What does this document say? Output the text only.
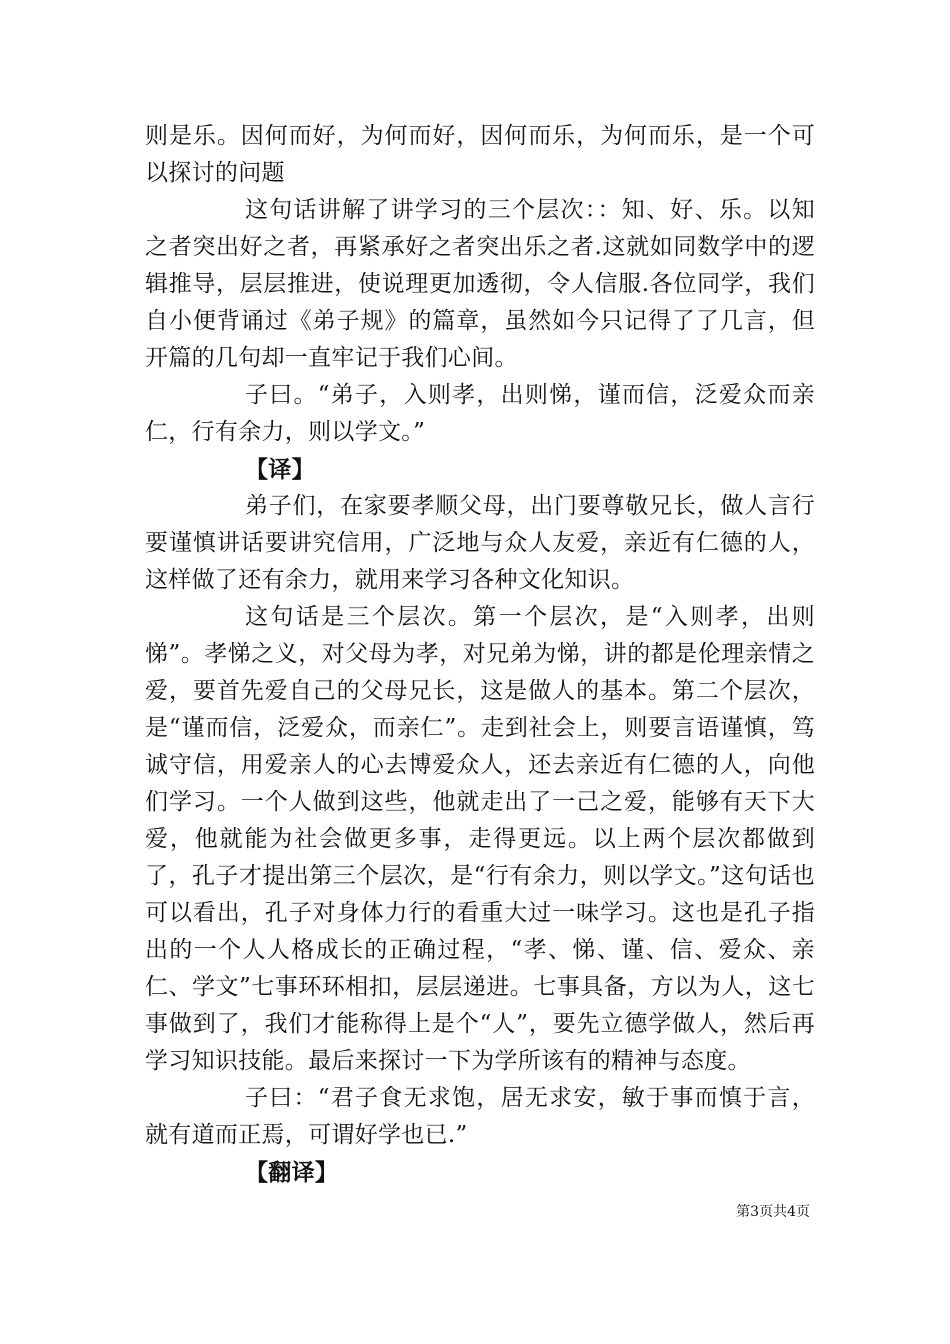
则是乐。因何而好，为何而好，因何而乐，为何而乐，是一个可以探讨的问题

这句话讲解了讲学习的三个层次：：知、好、乐。以知之者突出好之者，再紧承好之者突出乐之者.这就如同数学中的逻辑推导，层层推进，使说理更加透彻，令人信服.各位同学，我们自小便背诵过《弟子规》的篇章，虽然如今只记得了了几言，但开篇的几句却一直牢记于我们心间。

子曰。“弟子，入则孝，出则悌，谨而信，泛爱众而亲仁，行有余力，则以学文。”

【译】

弟子们，在家要孝顺父母，出门要尊敬兄长，做人言行要谨慎讲话要讲究信用，广泛地与众人友爱，亲近有仁德的人，这样做了还有余力，就用来学习各种文化知识。

这句话是三个层次。第一个层次，是“入则孝，出则悌”。孝悌之义，对父母为孝，对兄弟为悌，讲的都是伦理亲情之爱，要首先爱自己的父母兄长，这是做人的基本。第二个层次，是“谨而信，泛爱众，而亲仁”。走到社会上，则要言语谨慎，笃诚守信，用爱亲人的心去博爱众人，还去亲近有仁德的人，向他们学习。一个人做到这些，他就走出了一己之爱，能够有天下大爱，他就能为社会做更多事，走得更远。以上两个层次都做到了，孔子才提出第三个层次，是“行有余力，则以学文。”这句话也可以看出，孔子对身体力行的看重大过一味学习。这也是孔子指出的一个人人格成长的正确过程，“孝、悌、谨、信、爱众、亲仁、学文”七事环环相扣，层层递进。七事具备，方以为人，这七事做到了，我们才能称得上是个“人”，要先立德学做人，然后再学习知识技能。最后来探讨一下为学所该有的精神与态度。

子曰：“君子食无求饱，居无求安，敏于事而慎于言，就有道而正焉，可谓好学也已.”

【翻译】

第3页共4页
